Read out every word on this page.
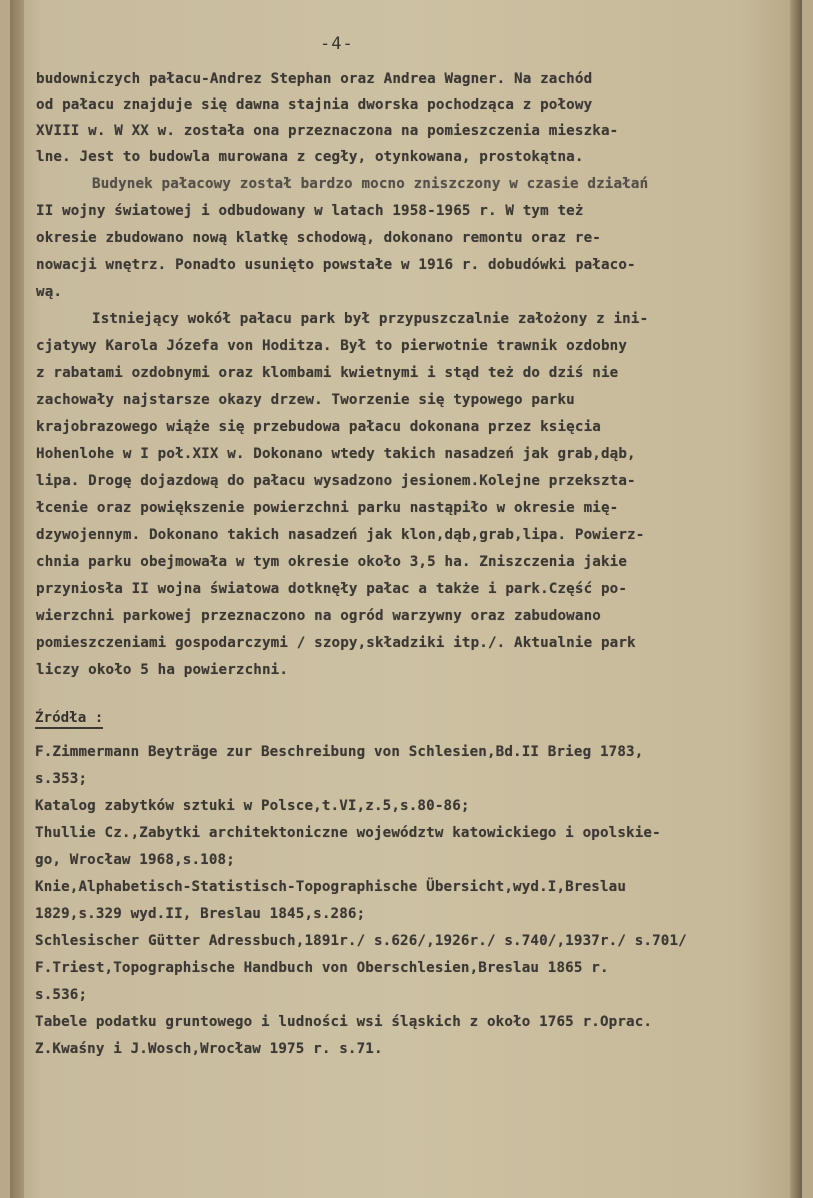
-4-
budowniczych pałacu-Andrez Stephan oraz Andrea Wagner. Na zachód
od pałacu znajduje się dawna stajnia dworska pochodząca z połowy
XVIII w. W XX w. została ona przeznaczona na pomieszczenia mieszka-
lne. Jest to budowla murowana z cegły, otynkowana, prostokątna.
Budynek pałacowy został bardzo mocno zniszczony w czasie działań
II wojny światowej i odbudowany w latach 1958-1965 r. W tym też
okresie zbudowano nową klatkę schodową, dokonano remontu oraz re-
nowacji wnętrz. Ponadto usunięto powstałe w 1916 r. dobudówki pałaco-
wą.
Istniejący wokół pałacu park był przypuszczalnie założony z ini-
cjatywy Karola Józefa von Hoditza. Był to pierwotnie trawnik ozdobny
z rabatami ozdobnymi oraz klombami kwietnymi i stąd też do dziś nie
zachowały najstarsze okazy drzew. Tworzenie się typowego parku
krajobrazowego wiąże się przebudowa pałacu dokonana przez księcia
Hohenlohe w I poł.XIX w. Dokonano wtedy takich nasadzeń jak grab,dąb,
lipa. Drogę dojazdową do pałacu wysadzono jesionem.Kolejne przekszta-
łcenie oraz powiększenie powierzchni parku nastąpiło w okresie mię-
dzywojennym. Dokonano takich nasadzeń jak klon,dąb,grab,lipa. Powierz-
chnia parku obejmowała w tym okresie około 3,5 ha. Zniszczenia jakie
przyniosła II wojna światowa dotknęły pałac a także i park.Część po-
wierzchni parkowej przeznaczono na ogród warzywny oraz zabudowano
pomieszczeniami gospodarczymi / szopy,składziki itp./. Aktualnie park
liczy około 5 ha powierzchni.
Źródła :
F.Zimmermann Beyträge zur Beschreibung von Schlesien,Bd.II Brieg 1783,
s.353;
Katalog zabytków sztuki w Polsce,t.VI,z.5,s.80-86;
Thullie Cz.,Zabytki architektoniczne województw katowickiego i opolskie-
go, Wrocław 1968,s.108;
Knie,Alphabetisch-Statistisch-Topographische Übersicht,wyd.I,Breslau
1829,s.329 wyd.II, Breslau 1845,s.286;
Schlesischer Gütter Adressbuch,1891r./ s.626/,1926r./ s.740/,1937r./ s.701/
F.Triest,Topographische Handbuch von Oberschlesien,Breslau 1865 r.
s.536;
Tabele podatku gruntowego i ludności wsi śląskich z około 1765 r.Oprac.
Z.Kwaśny i J.Wosch,Wrocław 1975 r. s.71.
